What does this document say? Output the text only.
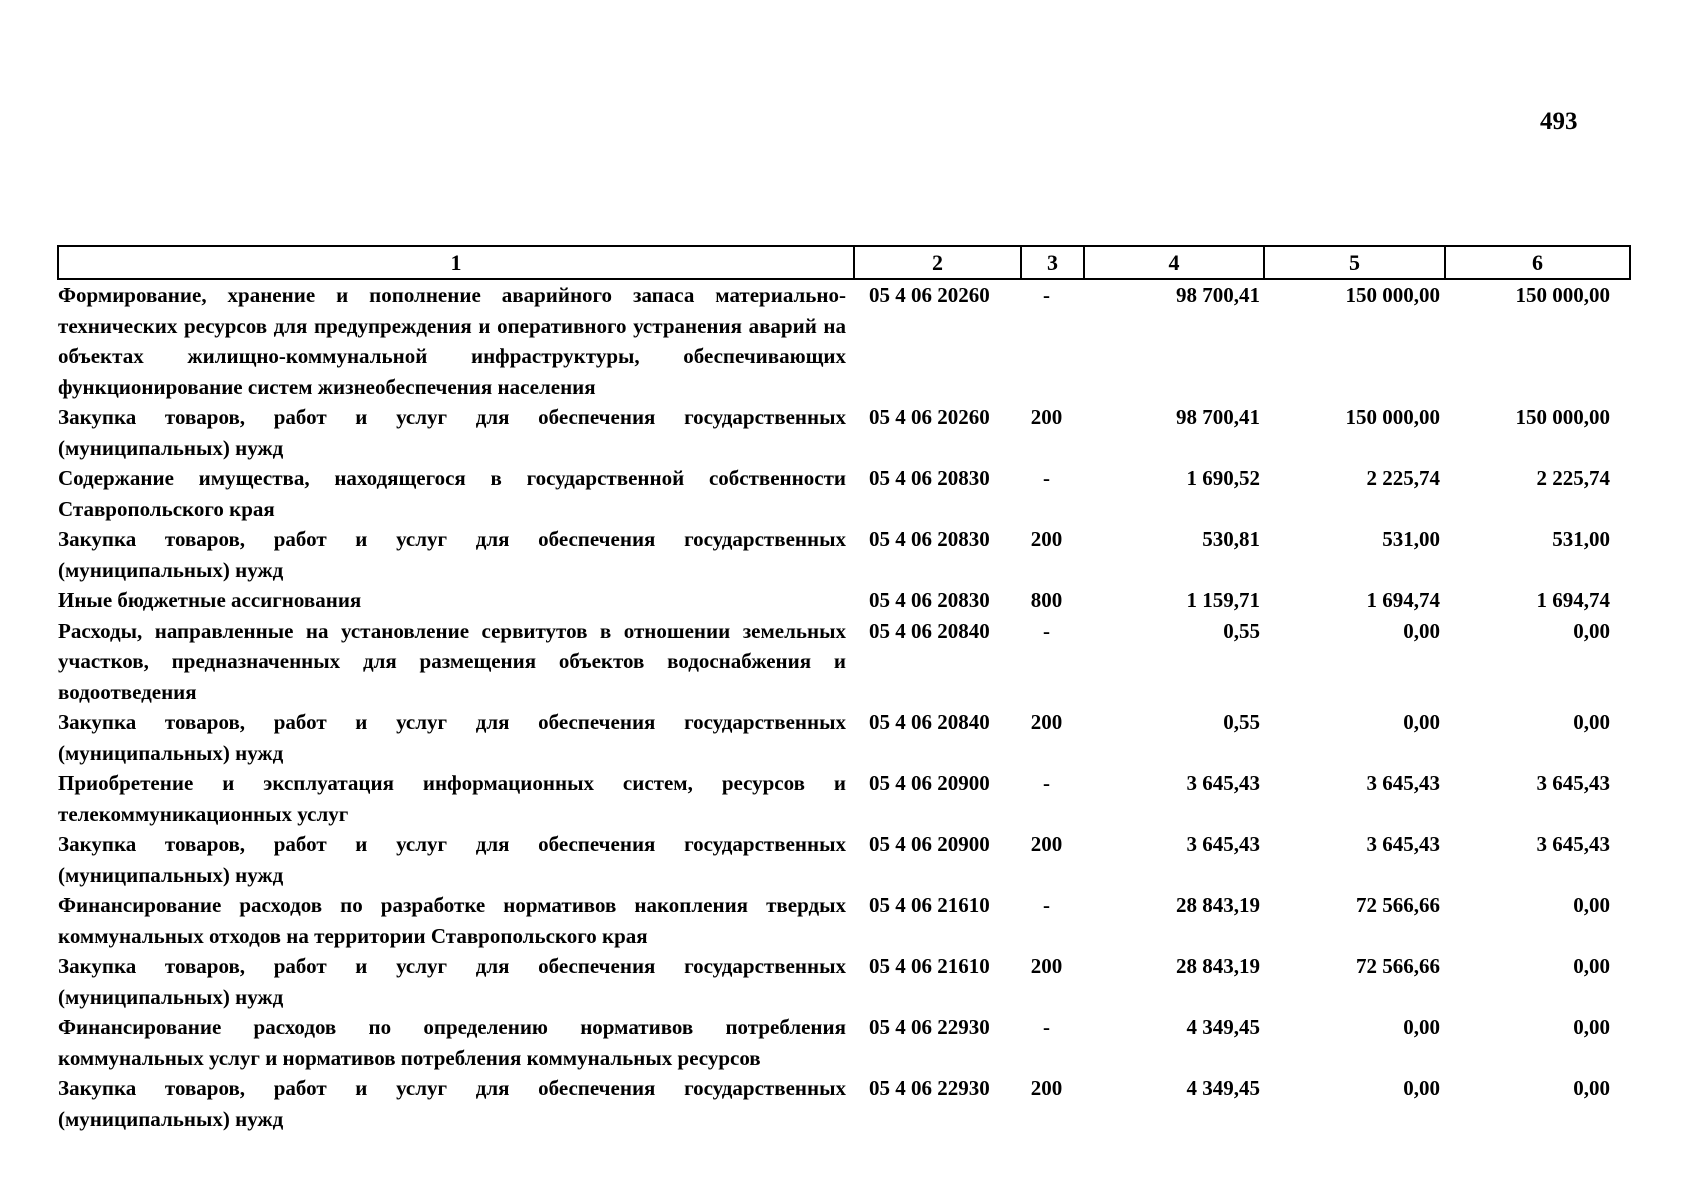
493
1	2	3	4	5	6
Формирование, хранение и пополнение аварийного запаса материально-технических ресурсов для предупреждения и оперативного устранения аварий на объектах жилищно-коммунальной инфраструктуры, обеспечивающих функционирование систем жизнеобеспечения населения	05 4 06 20260	-	98 700,41	150 000,00	150 000,00
Закупка товаров, работ и услуг для обеспечения государственных (муниципальных) нужд	05 4 06 20260	200	98 700,41	150 000,00	150 000,00
Содержание имущества, находящегося в государственной собственности Ставропольского края	05 4 06 20830	-	1 690,52	2 225,74	2 225,74
Закупка товаров, работ и услуг для обеспечения государственных (муниципальных) нужд	05 4 06 20830	200	530,81	531,00	531,00
Иные бюджетные ассигнования	05 4 06 20830	800	1 159,71	1 694,74	1 694,74
Расходы, направленные на установление сервитутов в отношении земельных участков, предназначенных для размещения объектов водоснабжения и водоотведения	05 4 06 20840	-	0,55	0,00	0,00
Закупка товаров, работ и услуг для обеспечения государственных (муниципальных) нужд	05 4 06 20840	200	0,55	0,00	0,00
Приобретение и эксплуатация информационных систем, ресурсов и телекоммуникационных услуг	05 4 06 20900	-	3 645,43	3 645,43	3 645,43
Закупка товаров, работ и услуг для обеспечения государственных (муниципальных) нужд	05 4 06 20900	200	3 645,43	3 645,43	3 645,43
Финансирование расходов по разработке нормативов накопления твердых коммунальных отходов на территории Ставропольского края	05 4 06 21610	-	28 843,19	72 566,66	0,00
Закупка товаров, работ и услуг для обеспечения государственных (муниципальных) нужд	05 4 06 21610	200	28 843,19	72 566,66	0,00
Финансирование расходов по определению нормативов потребления коммунальных услуг и нормативов потребления коммунальных ресурсов	05 4 06 22930	-	4 349,45	0,00	0,00
Закупка товаров, работ и услуг для обеспечения государственных (муниципальных) нужд	05 4 06 22930	200	4 349,45	0,00	0,00
